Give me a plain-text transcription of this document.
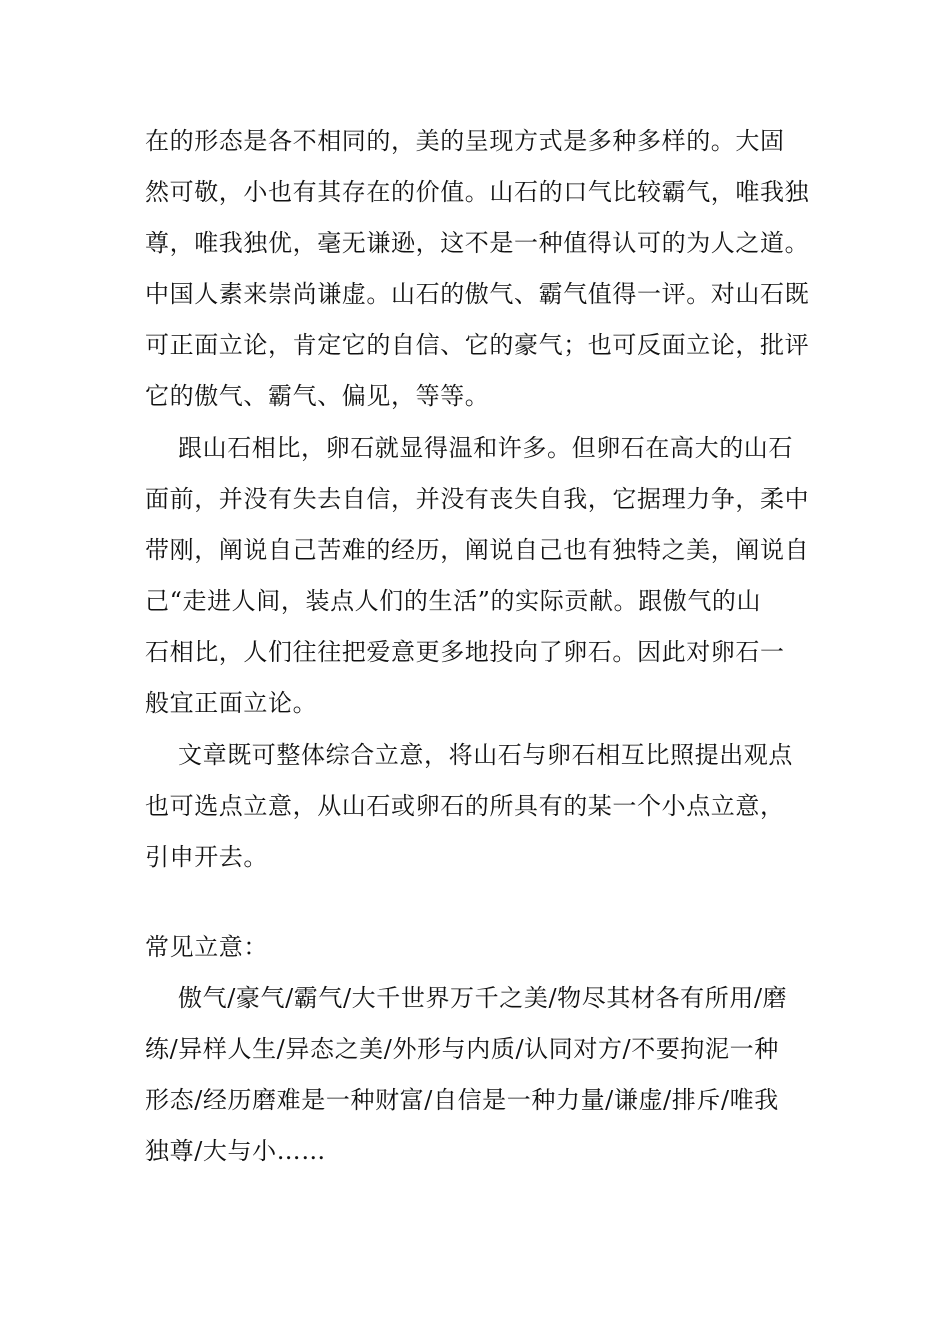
在的形态是各不相同的，美的呈现方式是多种多样的。大固
然可敬，小也有其存在的价值。山石的口气比较霸气，唯我独
尊，唯我独优，毫无谦逊，这不是一种值得认可的为人之道。
中国人素来崇尚谦虚。山石的傲气、霸气值得一评。对山石既
可正面立论，肯定它的自信、它的豪气；也可反面立论，批评
它的傲气、霸气、偏见，等等。
跟山石相比，卵石就显得温和许多。但卵石在高大的山石
面前，并没有失去自信，并没有丧失自我，它据理力争，柔中
带刚，阐说自己苦难的经历，阐说自己也有独特之美，阐说自
己“走进人间，装点人们的生活”的实际贡献。跟傲气的山
石相比，人们往往把爱意更多地投向了卵石。因此对卵石一
般宜正面立论。
文章既可整体综合立意，将山石与卵石相互比照提出观点
也可选点立意，从山石或卵石的所具有的某一个小点立意，
引申开去。
常见立意：
傲气/豪气/霸气/大千世界万千之美/物尽其材各有所用/磨
练/异样人生/异态之美/外形与内质/认同对方/不要拘泥一种
形态/经历磨难是一种财富/自信是一种力量/谦虚/排斥/唯我
独尊/大与小……
